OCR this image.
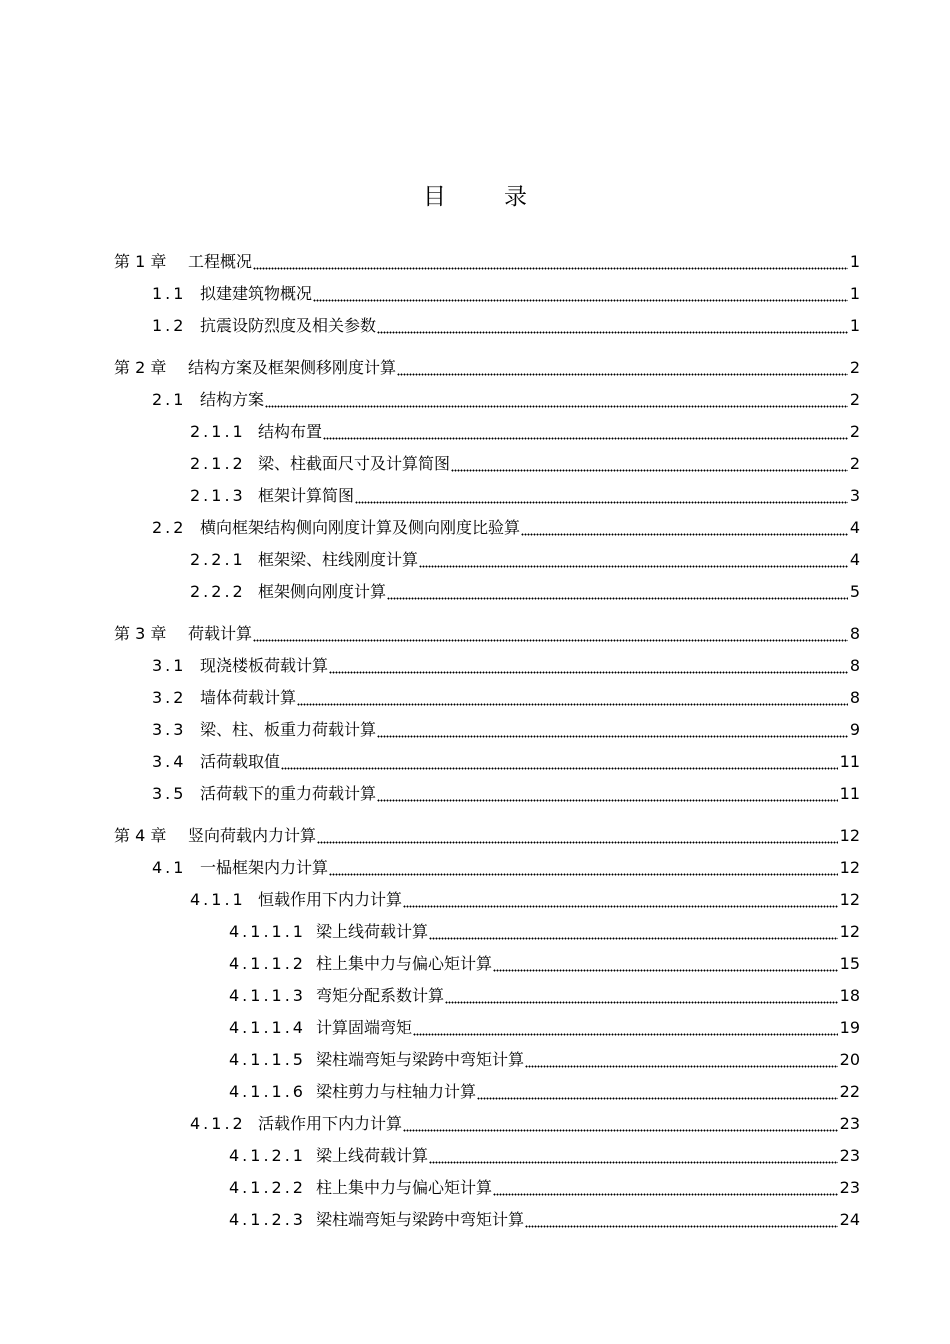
目	录
第 1 章	工程概况	1
1.1 拟建建筑物概况	1
1.2 抗震设防烈度及相关参数	1
第 2 章	结构方案及框架侧移刚度计算	2
2.1 结构方案	2
2.1.1 结构布置	2
2.1.2 梁、柱截面尺寸及计算简图	2
2.1.3 框架计算简图	3
2.2 横向框架结构侧向刚度计算及侧向刚度比验算	4
2.2.1 框架梁、柱线刚度计算	4
2.2.2 框架侧向刚度计算	5
第 3 章	荷载计算	8
3.1 现浇楼板荷载计算	8
3.2 墙体荷载计算	8
3.3 梁、柱、板重力荷载计算	9
3.4 活荷载取值	11
3.5 活荷载下的重力荷载计算	11
第 4 章	竖向荷载内力计算	12
4.1 一榀框架内力计算	12
4.1.1 恒载作用下内力计算	12
4.1.1.1 梁上线荷载计算	12
4.1.1.2 柱上集中力与偏心矩计算	15
4.1.1.3 弯矩分配系数计算	18
4.1.1.4 计算固端弯矩	19
4.1.1.5 梁柱端弯矩与梁跨中弯矩计算	20
4.1.1.6 梁柱剪力与柱轴力计算	22
4.1.2 活载作用下内力计算	23
4.1.2.1 梁上线荷载计算	23
4.1.2.2 柱上集中力与偏心矩计算	23
4.1.2.3 梁柱端弯矩与梁跨中弯矩计算	24
